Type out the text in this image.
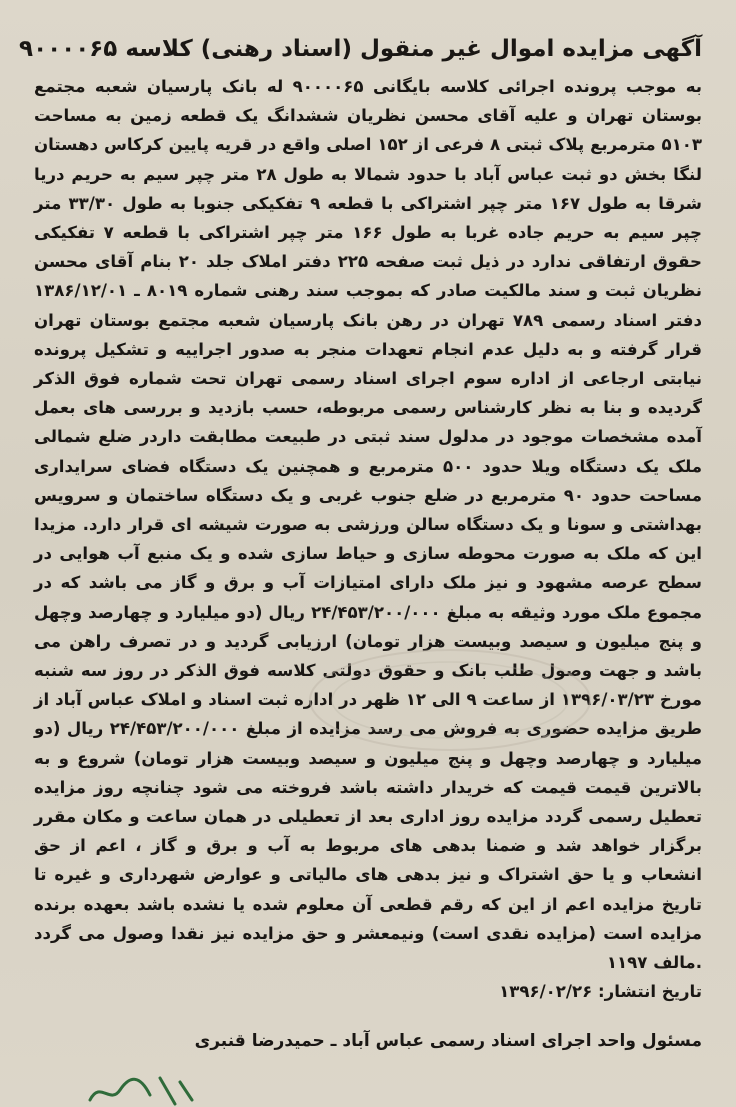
آگهی مزایده اموال غیر منقول (اسناد رهنی) کلاسه ۹۰۰۰۰۶۵

به موجب پرونده اجرائی کلاسه بایگانی ۹۰۰۰۰۶۵ له بانک پارسیان شعبه مجتمع بوستان تهران و علیه آقای محسن نظریان ششدانگ یک قطعه زمین به مساحت ۵۱۰۳ مترمربع پلاک ثبتی ۸ فرعی از ۱۵۲ اصلی واقع در قریه پایین کرکاس دهستان لنگا بخش دو ثبت عباس آباد با حدود شمالا به طول ۲۸ متر چپر سیم به حریم دریا شرقا به طول ۱۶۷ متر چپر اشتراکی با قطعه ۹ تفکیکی جنوبا به طول ۳۳/۳۰ متر چپر سیم به حریم جاده غربا به طول ۱۶۶ متر چپر اشتراکی با قطعه ۷ تفکیکی حقوق ارتفاقی ندارد در ذیل ثبت صفحه ۲۲۵ دفتر املاک جلد ۲۰ بنام آقای محسن نظریان ثبت و سند مالکیت صادر که بموجب سند رهنی شماره ۸۰۱۹ ـ ۱۳۸۶/۱۲/۰۱ دفتر اسناد رسمی ۷۸۹ تهران در رهن بانک پارسیان شعبه مجتمع بوستان تهران قرار گرفته و به دلیل عدم انجام تعهدات منجر به صدور اجراییه و تشکیل پرونده نیابتی ارجاعی از اداره سوم اجرای اسناد رسمی تهران تحت شماره فوق الذکر گردیده و بنا به نظر کارشناس رسمی مربوطه، حسب بازدید و بررسی های بعمل آمده مشخصات موجود در مدلول سند ثبتی در طبیعت مطابقت داردر ضلع شمالی ملک یک دستگاه ویلا حدود ۵۰۰ مترمربع و همچنین یک دستگاه فضای سرایداری مساحت حدود ۹۰ مترمربع در ضلع جنوب غربی و یک دستگاه ساختمان و سرویس بهداشتی و سونا و یک دستگاه سالن ورزشی به صورت شیشه ای قرار دارد. مزیدا این که ملک به صورت محوطه سازی و حیاط سازی شده و یک منبع آب هوایی در سطح عرصه مشهود و نیز ملک دارای امتیازات آب و برق و گاز می باشد که در مجموع ملک مورد وثیقه به مبلغ ۲۴/۴۵۳/۲۰۰/۰۰۰ ریال (دو میلیارد و چهارصد وچهل و پنج میلیون و سیصد وبیست هزار تومان) ارزیابی گردید و در تصرف راهن می باشد و جهت وصول طلب بانک و حقوق دولتی کلاسه فوق الذکر در روز سه شنبه مورخ ۱۳۹۶/۰۳/۲۳ از ساعت ۹ الی ۱۲ ظهر در اداره ثبت اسناد و املاک عباس آباد از طریق مزایده حضوری به فروش می رسد مزایده از مبلغ ۲۴/۴۵۳/۲۰۰/۰۰۰ ریال (دو میلیارد و چهارصد وچهل و پنج میلیون و سیصد وبیست هزار تومان) شروع و به بالاترین قیمت قیمت که خریدار داشته باشد فروخته می شود چنانچه روز مزایده تعطیل رسمی گردد مزایده روز اداری بعد از تعطیلی در همان ساعت و مکان مقرر برگزار خواهد شد و ضمنا بدهی های مربوط به آب و برق و گاز ، اعم از حق انشعاب و یا حق اشتراک و نیز بدهی های مالیاتی و عوارض شهرداری و غیره تا تاریخ مزایده اعم از این که رقم قطعی آن معلوم شده یا نشده باشد بعهده برنده مزایده است (مزایده نقدی است) ونیمعشر و حق مزایده نیز نقدا وصول می گردد .مالف ۱۱۹۷

تاریخ انتشار: ۱۳۹۶/۰۲/۲۶

مسئول واحد اجرای اسناد رسمی عباس آباد ـ حمیدرضا قنبری
